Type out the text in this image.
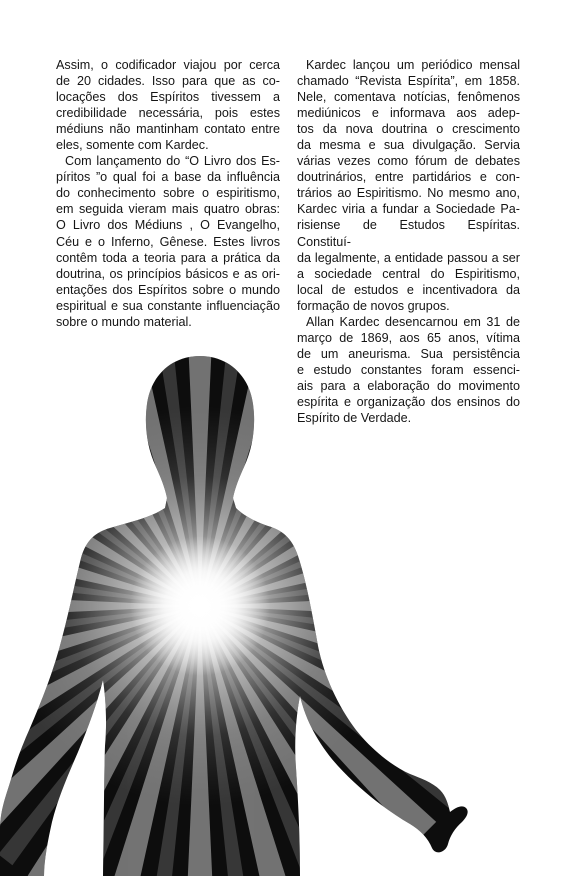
Assim, o codificador viajou por cerca
de 20 cidades. Isso para que as co-
locações dos Espíritos tivessem a
credibilidade necessária, pois estes
médiuns não mantinham contato entre
eles, somente com Kardec.
Com lançamento do “O Livro dos Es-
píritos ”o qual foi a base da influência
do conhecimento sobre o espiritismo,
em seguida vieram mais quatro obras:
O Livro dos Médiuns , O Evangelho,
Céu e o Inferno, Gênese. Estes livros
contêm toda a teoria para a prática da
doutrina, os princípios básicos e as ori-
entações dos Espíritos sobre o mundo
espiritual e sua constante influenciação
sobre o mundo material.
Kardec lançou um periódico mensal
chamado “Revista Espírita”, em 1858.
Nele, comentava notícias, fenômenos
mediúnicos e informava aos adep-
tos da nova doutrina o crescimento
da mesma e sua divulgação. Servia
várias vezes como fórum de debates
doutrinários, entre partidários e con-
trários ao Espiritismo. No mesmo ano,
Kardec viria a fundar a Sociedade Pa-
risiense de Estudos Espíritas. Constituí-
da legalmente, a entidade passou a ser
a sociedade central do Espiritismo,
local de estudos e incentivadora da
formação de novos grupos.
Allan Kardec desencarnou em 31 de
março de 1869, aos 65 anos, vítima
de um aneurisma. Sua persistência
e estudo constantes foram essenci-
ais para a elaboração do movimento
espírita e organização dos ensinos do
Espírito de Verdade.
